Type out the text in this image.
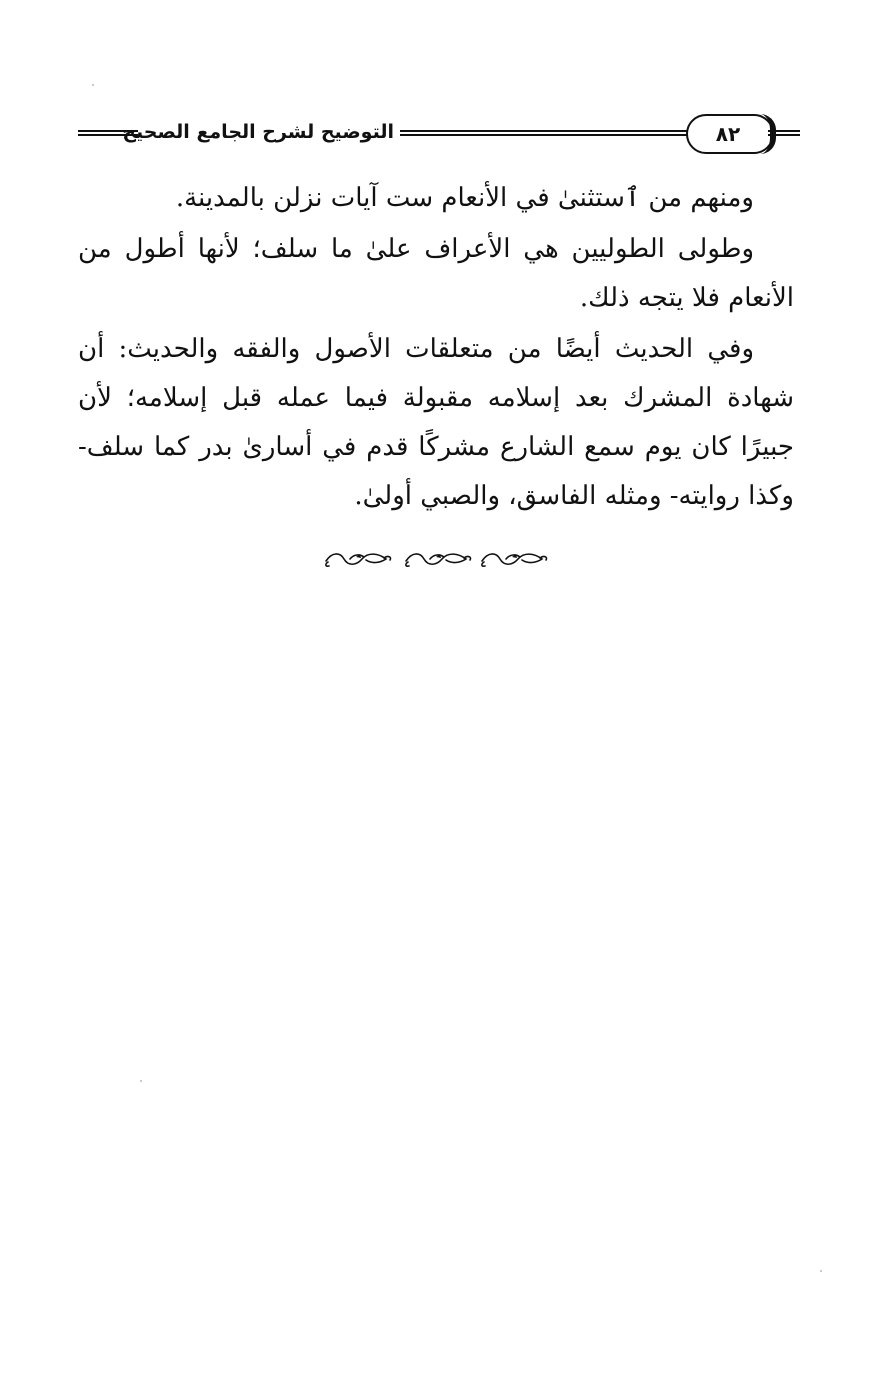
التوضيح لشرح الجامع الصحيح	٨٢

ومنهم من ٱستثنىٰ في الأنعام ست آيات نزلن بالمدينة.

وطولى الطوليين هي الأعراف علىٰ ما سلف؛ لأنها أطول من الأنعام فلا يتجه ذلك.

وفي الحديث أيضًا من متعلقات الأصول والفقه والحديث: أن شهادة المشرك بعد إسلامه مقبولة فيما عمله قبل إسلامه؛ لأن جبيرًا كان يوم سمع الشارع مشركًا قدم في أسارىٰ بدر كما سلف- وكذا روايته- ومثله الفاسق، والصبي أولىٰ.
